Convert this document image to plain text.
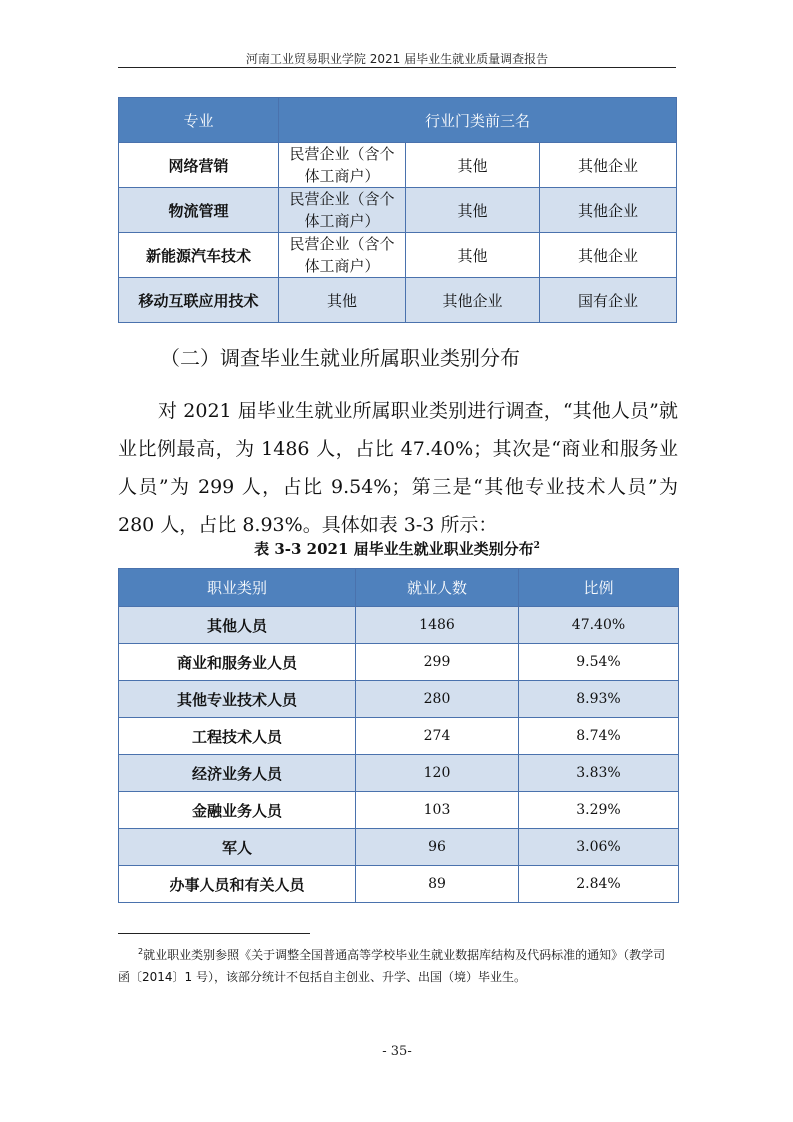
河南工业贸易职业学院 2021 届毕业生就业质量调查报告
专业	行业门类前三名		
网络营销	民营企业（含个体工商户）	其他	其他企业
物流管理	民营企业（含个体工商户）	其他	其他企业
新能源汽车技术	民营企业（含个体工商户）	其他	其他企业
移动互联应用技术	其他	其他企业	国有企业
（二）调查毕业生就业所属职业类别分布
对 2021 届毕业生就业所属职业类别进行调查，“其他人员”就业比例最高，为 1486 人，占比 47.40%；其次是“商业和服务业人员”为 299 人，占比 9.54%；第三是“其他专业技术人员”为 280 人，占比 8.93%。具体如表 3-3 所示：
表 3-3 2021 届毕业生就业职业类别分布$^2$
职业类别	就业人数	比例
其他人员	1486	47.40%
商业和服务业人员	299	9.54%
其他专业技术人员	280	8.93%
工程技术人员	274	8.74%
经济业务人员	120	3.83%
金融业务人员	103	3.29%
军人	96	3.06%
办事人员和有关人员	89	2.84%
$^2$就业职业类别参照《关于调整全国普通高等学校毕业生就业数据库结构及代码标准的通知》（教学司函〔2014〕1 号），该部分统计不包括自主创业、升学、出国（境）毕业生。
- 35-
